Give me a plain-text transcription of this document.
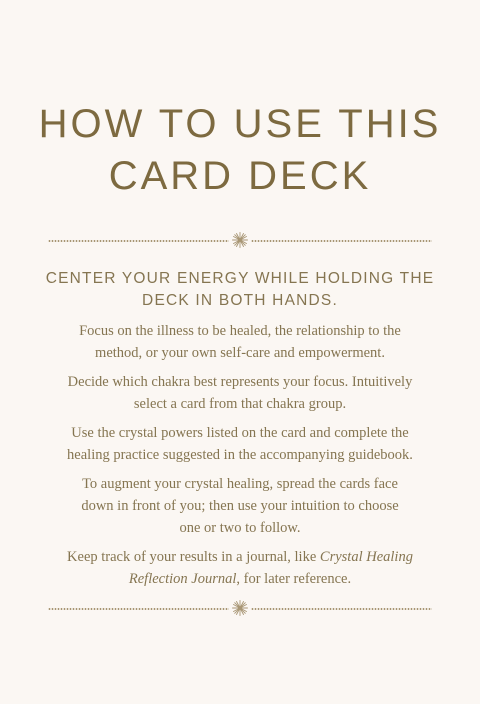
HOW TO USE THIS
CARD DECK
CENTER YOUR ENERGY WHILE HOLDING THE
DECK IN BOTH HANDS.
Focus on the illness to be healed, the relationship to the
method, or your own self-care and empowerment.
Decide which chakra best represents your focus. Intuitively
select a card from that chakra group.
Use the crystal powers listed on the card and complete the
healing practice suggested in the accompanying guidebook.
To augment your crystal healing, spread the cards face
down in front of you; then use your intuition to choose
one or two to follow.
Keep track of your results in a journal, like Crystal Healing
Reflection Journal, for later reference.
